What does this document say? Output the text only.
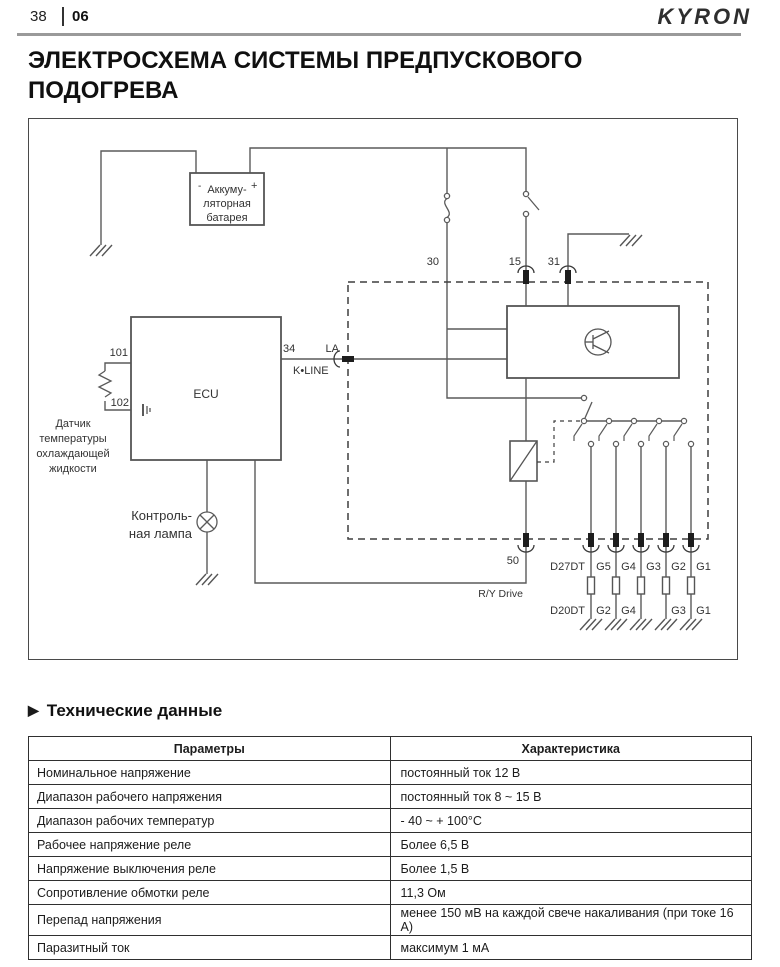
38 06	KYRON
ЭЛЕКТРОСХЕМА СИСТЕМЫ ПРЕДПУСКОВОГО
ПОДОГРЕВА
-	+
Аккуму-
ляторная
батарея
ECU
30	15 31
34	LA
K•LINE
101
102
Датчик
температуры
охлаждающей
жидкости
Контроль-
ная лампа
50
R/Y Drive
D27DT G5 G4 G3 G2 G1
D20DT G2 G4	G3 G1
▶ Технические данные
Параметры	Характеристика
Номинальное напряжение	постоянный ток 12 В
Диапазон рабочего напряжения	постоянный ток 8 ~ 15 В
Диапазон рабочих температур	- 40 ~ + 100°C
Рабочее напряжение реле	Более 6,5 В
Напряжение выключения реле	Более 1,5 В
Сопротивление обмотки реле	11,3 Ом
Перепад напряжения	менее 150 мВ на каждой свече накаливания (при токе 16 А)
Паразитный ток	максимум 1 мА
